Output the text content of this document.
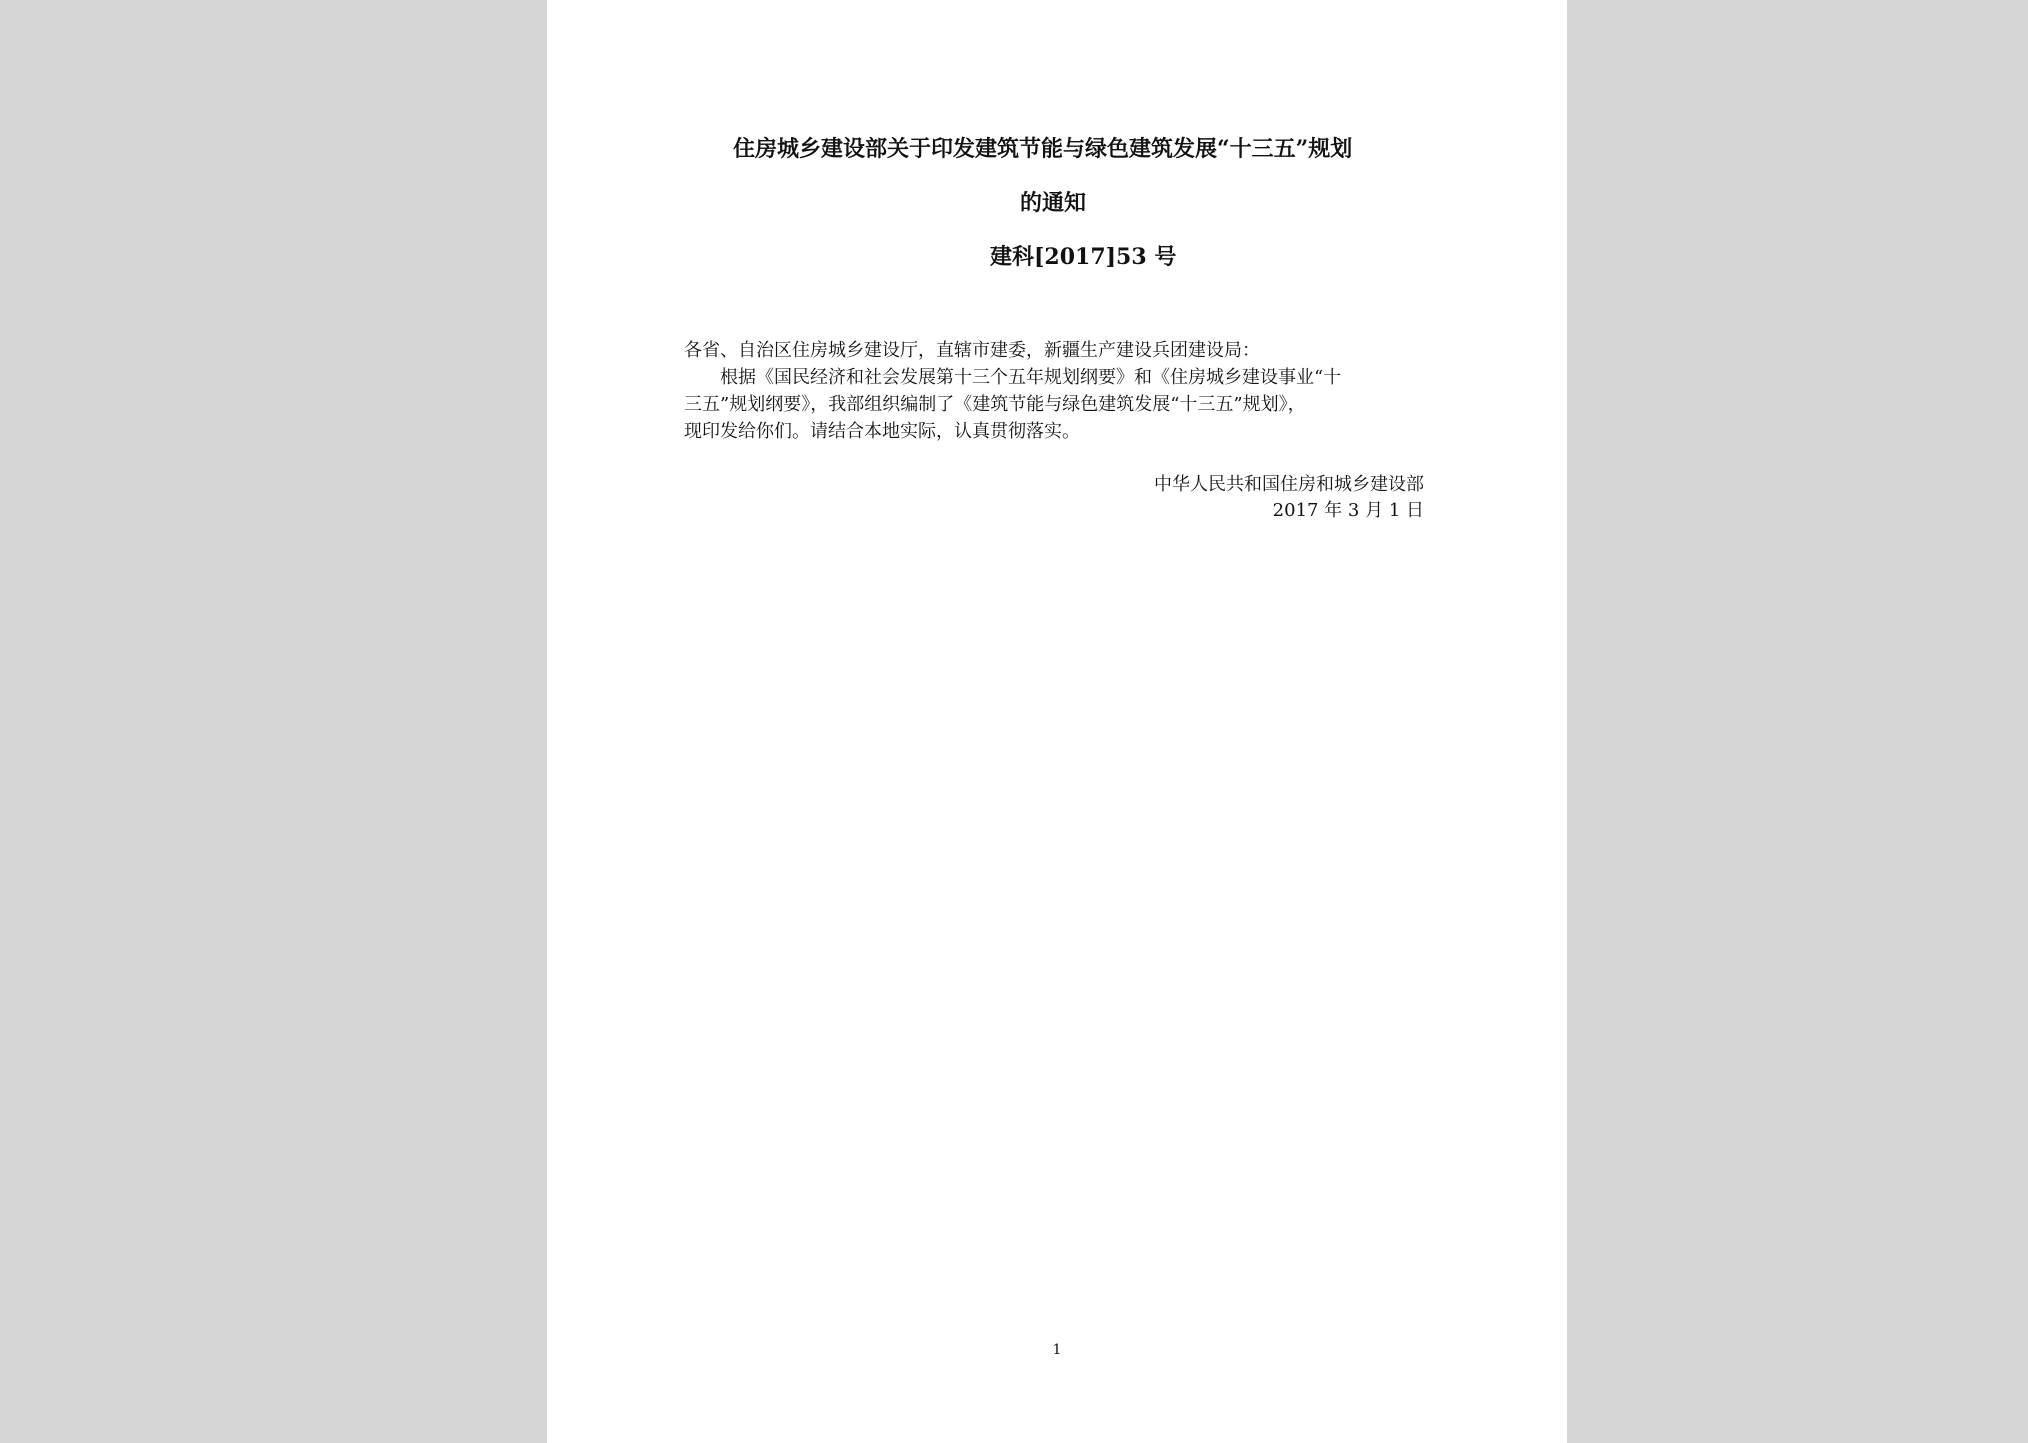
住房城乡建设部关于印发建筑节能与绿色建筑发展“十三五”规划

的通知

建科[2017]53 号

各省、自治区住房城乡建设厅，直辖市建委，新疆生产建设兵团建设局：

　　根据《国民经济和社会发展第十三个五年规划纲要》和《住房城乡建设事业“十

三五”规划纲要》，我部组织编制了《建筑节能与绿色建筑发展“十三五”规划》，

现印发给你们。请结合本地实际，认真贯彻落实。

中华人民共和国住房和城乡建设部

2017 年 3 月 1 日

1
